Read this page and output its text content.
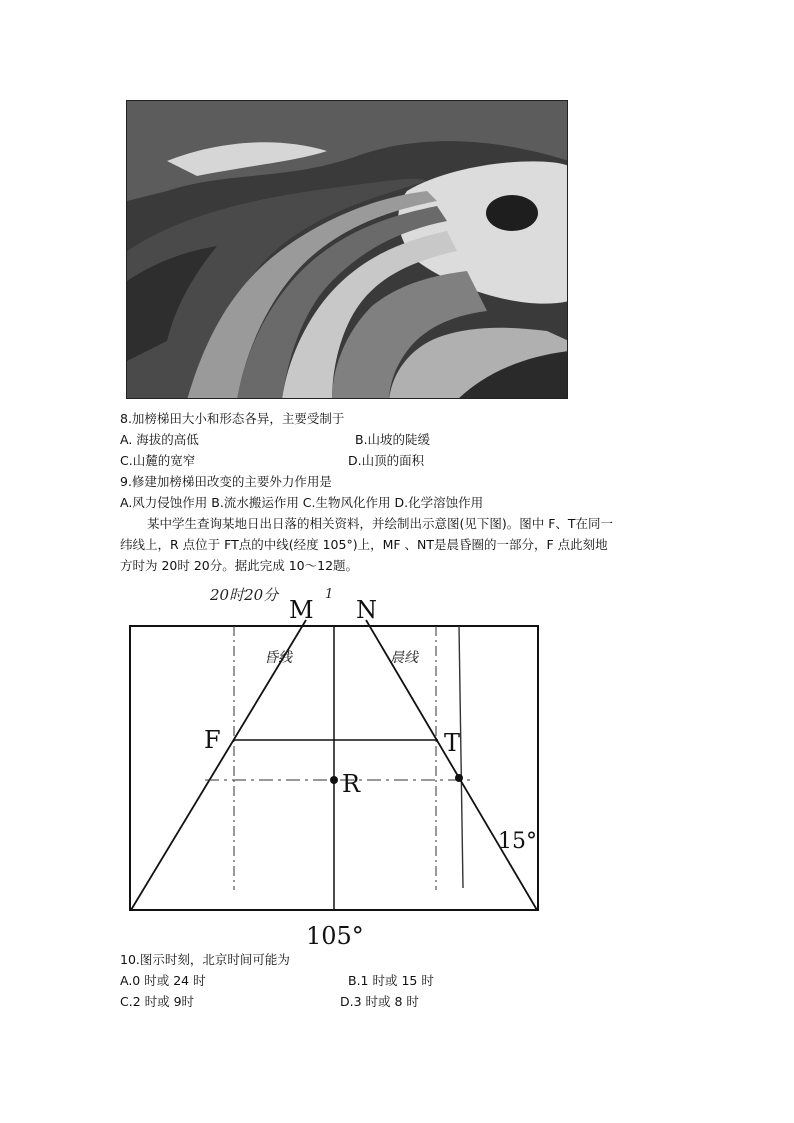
8.加榜梯田大小和形态各异，主要受制于
A. 海拔的高低	B.山坡的陡缓
C.山麓的宽窄	D.山顶的面积
9.修建加榜梯田改变的主要外力作用是
A.风力侵蚀作用 B.流水搬运作用 C.生物风化作用 D.化学溶蚀作用
某中学生查询某地日出日落的相关资料，并绘制出示意图(见下图)。图中 F、T在同一
纬线上，R 点位于 FT点的中线(经度 105°)上，MF 、NT是晨昏圈的一部分，F 点此刻地
方时为 20时 20分。据此完成 10～12题。
20时20分	1
M N
F	T
R
昏线	晨线
15°
105°
10.图示时刻，北京时间可能为
A.0 时或 24 时	B.1 时或 15 时
C.2 时或 9时	D.3 时或 8 时
